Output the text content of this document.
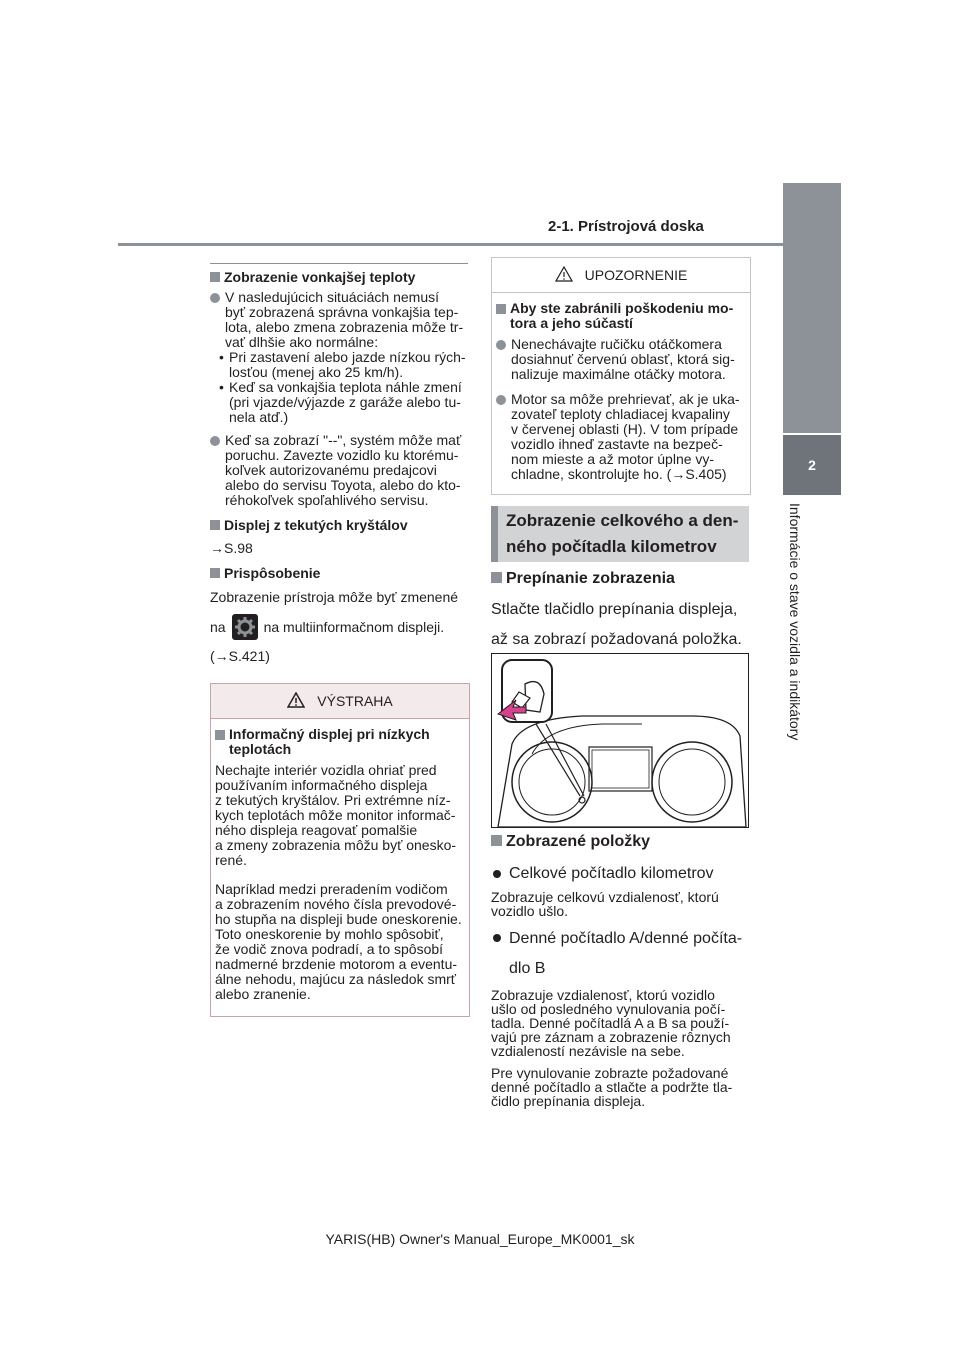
2-1. Prístrojová doska
2
Informácie o stave vozidla a indikátory
Zobrazenie vonkajšej teploty

V nasledujúcich situáciách nemusí

byť zobrazená správna vonkajšia tep-

lota, alebo zmena zobrazenia môže tr-

vať dlhšie ako normálne:

• Pri zastavení alebo jazde nízkou rých-

losťou (menej ako 25 km/h).

• Keď sa vonkajšia teplota náhle zmení

(pri vjazde/výjazde z garáže alebo tu-

nela atď.)

Keď sa zobrazí "--", systém môže mať

poruchu. Zavezte vozidlo ku ktorému-

koľvek autorizovanému predajcovi

alebo do servisu Toyota, alebo do kto-

réhokoľvek spoľahlivého servisu.

Displej z tekutých kryštálov
→S.98
Prispôsobenie

Zobrazenie prístroja môže byť zmenené

na	na multiinformačnom displeji.
(→S.421)
VÝSTRAHA

Informačný displej pri nízkych

teplotách

Nechajte interiér vozidla ohriať pred

používaním informačného displeja

z tekutých kryštálov. Pri extrémne níz-

kych teplotách môže monitor informač-

ného displeja reagovať pomalšie

a zmeny zobrazenia môžu byť onesko-

rené.

Napríklad medzi preradením vodičom

a zobrazením nového čísla prevodové-

ho stupňa na displeji bude oneskorenie.

Toto oneskorenie by mohlo spôsobiť,

že vodič znova podradí, a to spôsobí

nadmerné brzdenie motorom a eventu-

álne nehodu, majúcu za následok smrť

alebo zranenie.

UPOZORNENIE

Aby ste zabránili poškodeniu mo-

tora a jeho súčastí

Nenechávajte ručičku otáčkomera

dosiahnuť červenú oblasť, ktorá sig-

nalizuje maximálne otáčky motora.

Motor sa môže prehrievať, ak je uka-

zovateľ teploty chladiacej kvapaliny

v červenej oblasti (H). V tom prípade

vozidlo ihneď zastavte na bezpeč-

nom mieste a až motor úplne vy-

chladne, skontrolujte ho. (→S.405)

Zobrazenie celkového a den-

ného počítadla kilometrov

Prepínanie zobrazenia

Stlačte tlačidlo prepínania displeja,

až sa zobrazí požadovaná položka.

Zobrazené položky
Celkové počítadlo kilometrov

Zobrazuje celkovú vzdialenosť, ktorú

vozidlo ušlo.

Denné počítadlo A/denné počíta-

dlo B

Zobrazuje vzdialenosť, ktorú vozidlo

ušlo od posledného vynulovania počí-

tadla. Denné počítadlá A a B sa použí-

vajú pre záznam a zobrazenie rôznych

vzdialeností nezávisle na sebe.

Pre vynulovanie zobrazte požadované

denné počítadlo a stlačte a podržte tla-

čidlo prepínania displeja.

YARIS(HB) Owner's Manual_Europe_MK0001_sk
